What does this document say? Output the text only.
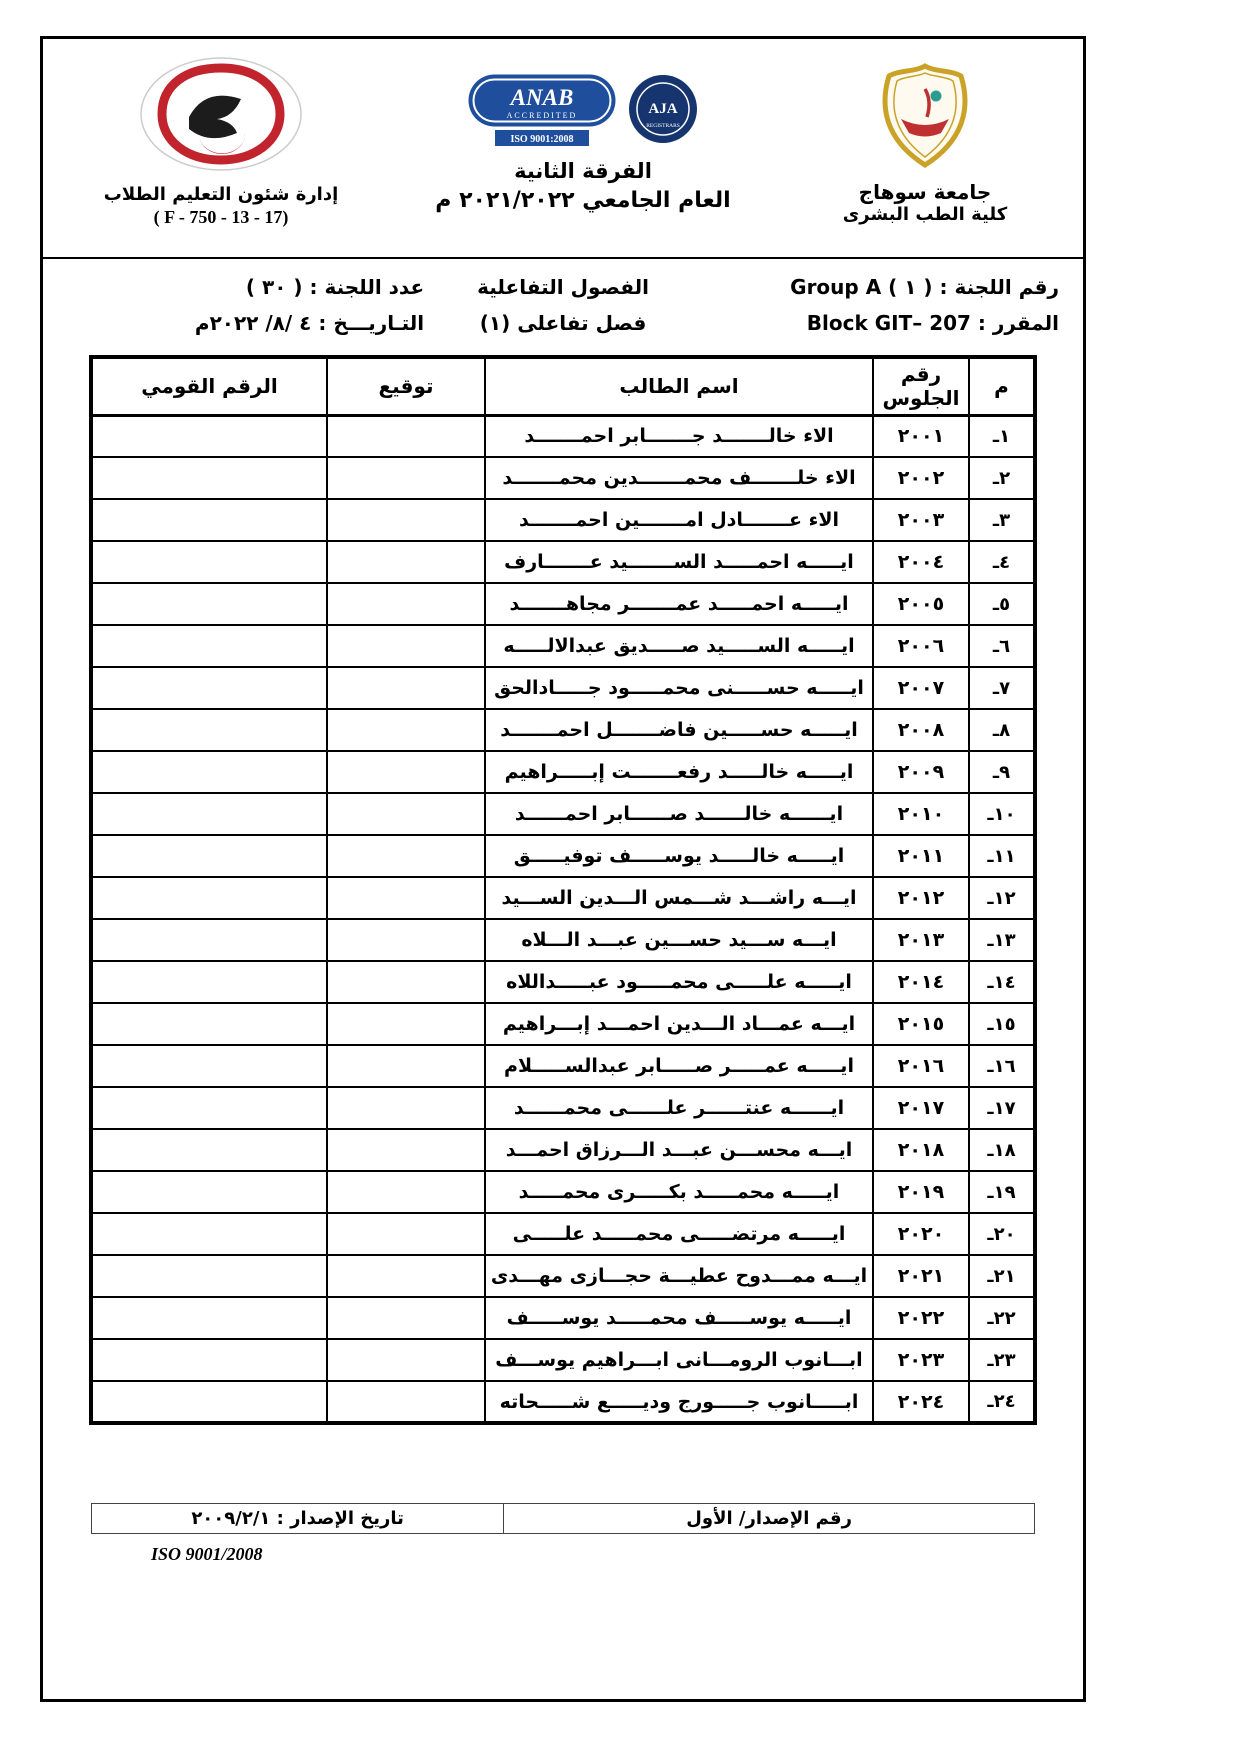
جامعة سوهاج
كلية الطب البشرى
ANAB
ACCREDITED
ISO 9001:2008
AJA
REGISTRARS
الفرقة الثانية
العام الجامعي ٢٠٢١/٢٠٢٢ م
إدارة شئون التعليم الطلاب
( F - 750 - 13 - 17)
رقم اللجنة : ( ١ ) Group A
المقرر : Block GIT– 207
الفصول التفاعلية
فصل تفاعلى (١)
عدد اللجنة : ( ٣٠ )
التـاريـــخ : ٤ /٨/ ٢٠٢٢م
م	رقم الجلوس	اسم الطالب	توقيع	الرقم القومي
١ـ	٢٠٠١	الاء خالـــــــد جـــــــابر احمـــــــد		
٢ـ	٢٠٠٢	الاء خلـــــــف محمـــــــدين محمـــــــد		
٣ـ	٢٠٠٣	الاء عـــــــادل امـــــــين احمـــــــد		
٤ـ	٢٠٠٤	ايـــــه احمـــــد الســـــــيد عـــــــارف		
٥ـ	٢٠٠٥	ايـــــه احمـــــد عمـــــــر مجاهـــــــد		
٦ـ	٢٠٠٦	ايـــــه الســـــيد صـــــديق عبدالالـــــه		
٧ـ	٢٠٠٧	ايـــــه حســـــنى محمـــــود جـــــادالحق		
٨ـ	٢٠٠٨	ايـــــه حســـــين فاضـــــــل احمـــــــد		
٩ـ	٢٠٠٩	ايـــــه خالـــــد رفعـــــــت إبـــــراهيم		
١٠ـ	٢٠١٠	ايــــــه خالــــــد صــــــابر احمــــــد		
١١ـ	٢٠١١	ايـــــه خالـــــد يوســـــف توفيـــــق		
١٢ـ	٢٠١٢	ايـــه راشـــد شـــمس الـــدين الســـيد		
١٣ـ	٢٠١٣	ايـــه ســـيد حســـين عبـــد الـــلاه		
١٤ـ	٢٠١٤	ايـــــه علـــــى محمـــــود عبـــــداللاه		
١٥ـ	٢٠١٥	ايـــه عمـــاد الـــدين احمـــد إبـــراهيم		
١٦ـ	٢٠١٦	ايـــــه عمـــــر صـــــابر عبدالســـــلام		
١٧ـ	٢٠١٧	ايــــــه عنتــــــر علــــــى محمــــــد		
١٨ـ	٢٠١٨	ايـــه محســـن عبـــد الـــرزاق احمـــد		
١٩ـ	٢٠١٩	ايـــــه محمـــــد بكـــــرى محمـــــد		
٢٠ـ	٢٠٢٠	ايـــــه مرتضـــــى محمـــــد علـــــى		
٢١ـ	٢٠٢١	ايـــه ممـــدوح عطيـــة حجـــازى مهـــدى		
٢٢ـ	٢٠٢٢	ايـــــه يوســـــف محمـــــد يوســـــف		
٢٣ـ	٢٠٢٣	ابـــانوب الرومـــانى ابـــراهيم يوســـف		
٢٤ـ	٢٠٢٤	ابـــــانوب جـــــورج وديـــــع شـــــحاته		
رقم الإصدار/ الأول
تاريخ الإصدار : ٢٠٠٩/٢/١
ISO 9001/2008
